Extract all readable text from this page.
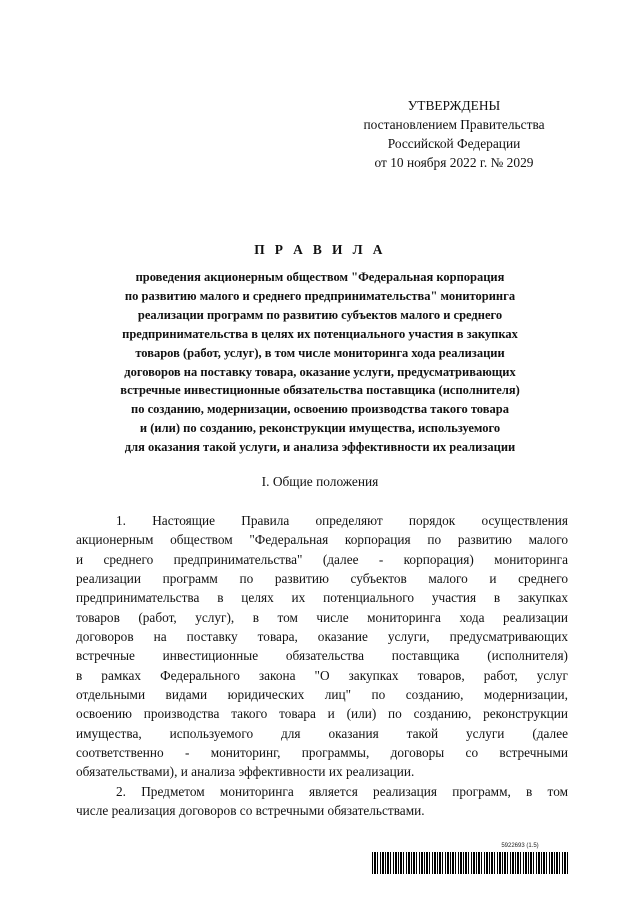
УТВЕРЖДЕНЫ
постановлением Правительства
Российской Федерации
от 10 ноября 2022 г. № 2029
П Р А В И Л А
проведения акционерным обществом "Федеральная корпорация
по развитию малого и среднего предпринимательства" мониторинга
реализации программ по развитию субъектов малого и среднего
предпринимательства в целях их потенциального участия в закупках
товаров (работ, услуг), в том числе мониторинга хода реализации
договоров на поставку товара, оказание услуги, предусматривающих
встречные инвестиционные обязательства поставщика (исполнителя)
по созданию, модернизации, освоению производства такого товара
и (или) по созданию, реконструкции имущества, используемого
для оказания такой услуги, и анализа эффективности их реализации
I. Общие положения
1. Настоящие Правила определяют порядок осуществления
акционерным обществом "Федеральная корпорация по развитию малого
и среднего предпринимательства" (далее - корпорация) мониторинга
реализации программ по развитию субъектов малого и среднего
предпринимательства в целях их потенциального участия в закупках
товаров (работ, услуг), в том числе мониторинга хода реализации
договоров на поставку товара, оказание услуги, предусматривающих
встречные инвестиционные обязательства поставщика (исполнителя)
в рамках Федерального закона "О закупках товаров, работ, услуг
отдельными видами юридических лиц" по созданию, модернизации,
освоению производства такого товара и (или) по созданию, реконструкции
имущества, используемого для оказания такой услуги (далее
соответственно - мониторинг, программы, договоры со встречными
обязательствами), и анализа эффективности их реализации.
2. Предметом мониторинга является реализация программ, в том
числе реализация договоров со встречными обязательствами.
5922693 (1.5)
